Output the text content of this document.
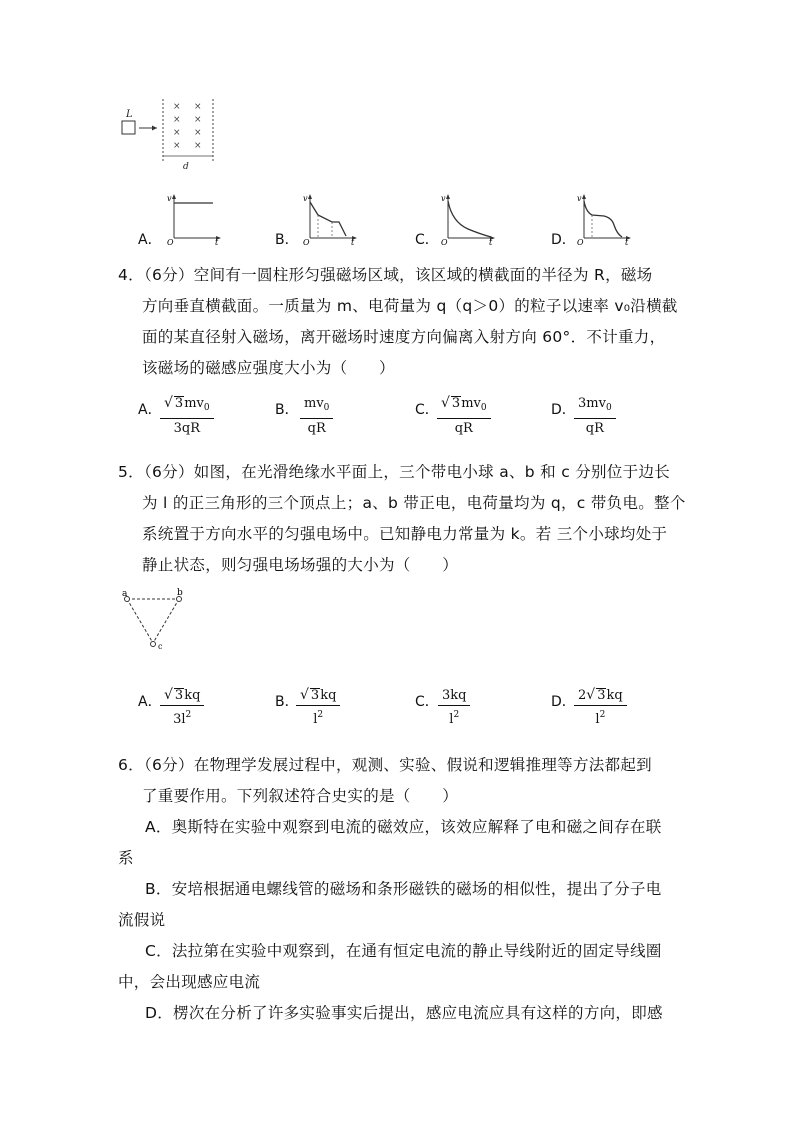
L
× ×
× ×
× ×
× ×
d
A．
v
O	t	B．
v
O	t	C．
v
O	t	D．
v
O	t
4．（6分）空间有一圆柱形匀强磁场区域，该区域的横截面的半径为 R，磁场
方向垂直横截面。一质量为 m、电荷量为 q（q＞0）的粒子以速率 v₀沿横截
面的某直径射入磁场，离开磁场时速度方向偏离入射方向 60°．不计重力，
该磁场的磁感应强度大小为（　　）
A．
$\frac{√ 3mv_0}{3qR}$	B． $\frac{mv_0}{qR}$	C．
$\frac{√ 3mv_0}{qR}$	D．
$\frac{3mv_0}{qR}$
5．（6分）如图，在光滑绝缘水平面上，三个带电小球 a、b 和 c 分别位于边长
为 l 的正三角形的三个顶点上；a、b 带正电，电荷量均为 q，c 带负电。整个
系统置于方向水平的匀强电场中。已知静电力常量为 k。若 三个小球均处于
静止状态，则匀强电场场强的大小为（　　）
a	b
c
A．
$\frac{√ 3kq}{3l^2}$	B．
$\frac{√ 3kq}{l^2}$	C． $\frac{3kq}{l^2}$	D．
$\frac{2√ 3kq}{l^2}$
6．（6分）在物理学发展过程中，观测、实验、假说和逻辑推理等方法都起到
了重要作用。下列叙述符合史实的是（　　）
A．奥斯特在实验中观察到电流的磁效应，该效应解释了电和磁之间存在联
系
B．安培根据通电螺线管的磁场和条形磁铁的磁场的相似性，提出了分子电
流假说
C．法拉第在实验中观察到，在通有恒定电流的静止导线附近的固定导线圈
中，会出现感应电流
D．楞次在分析了许多实验事实后提出，感应电流应具有这样的方向，即感
